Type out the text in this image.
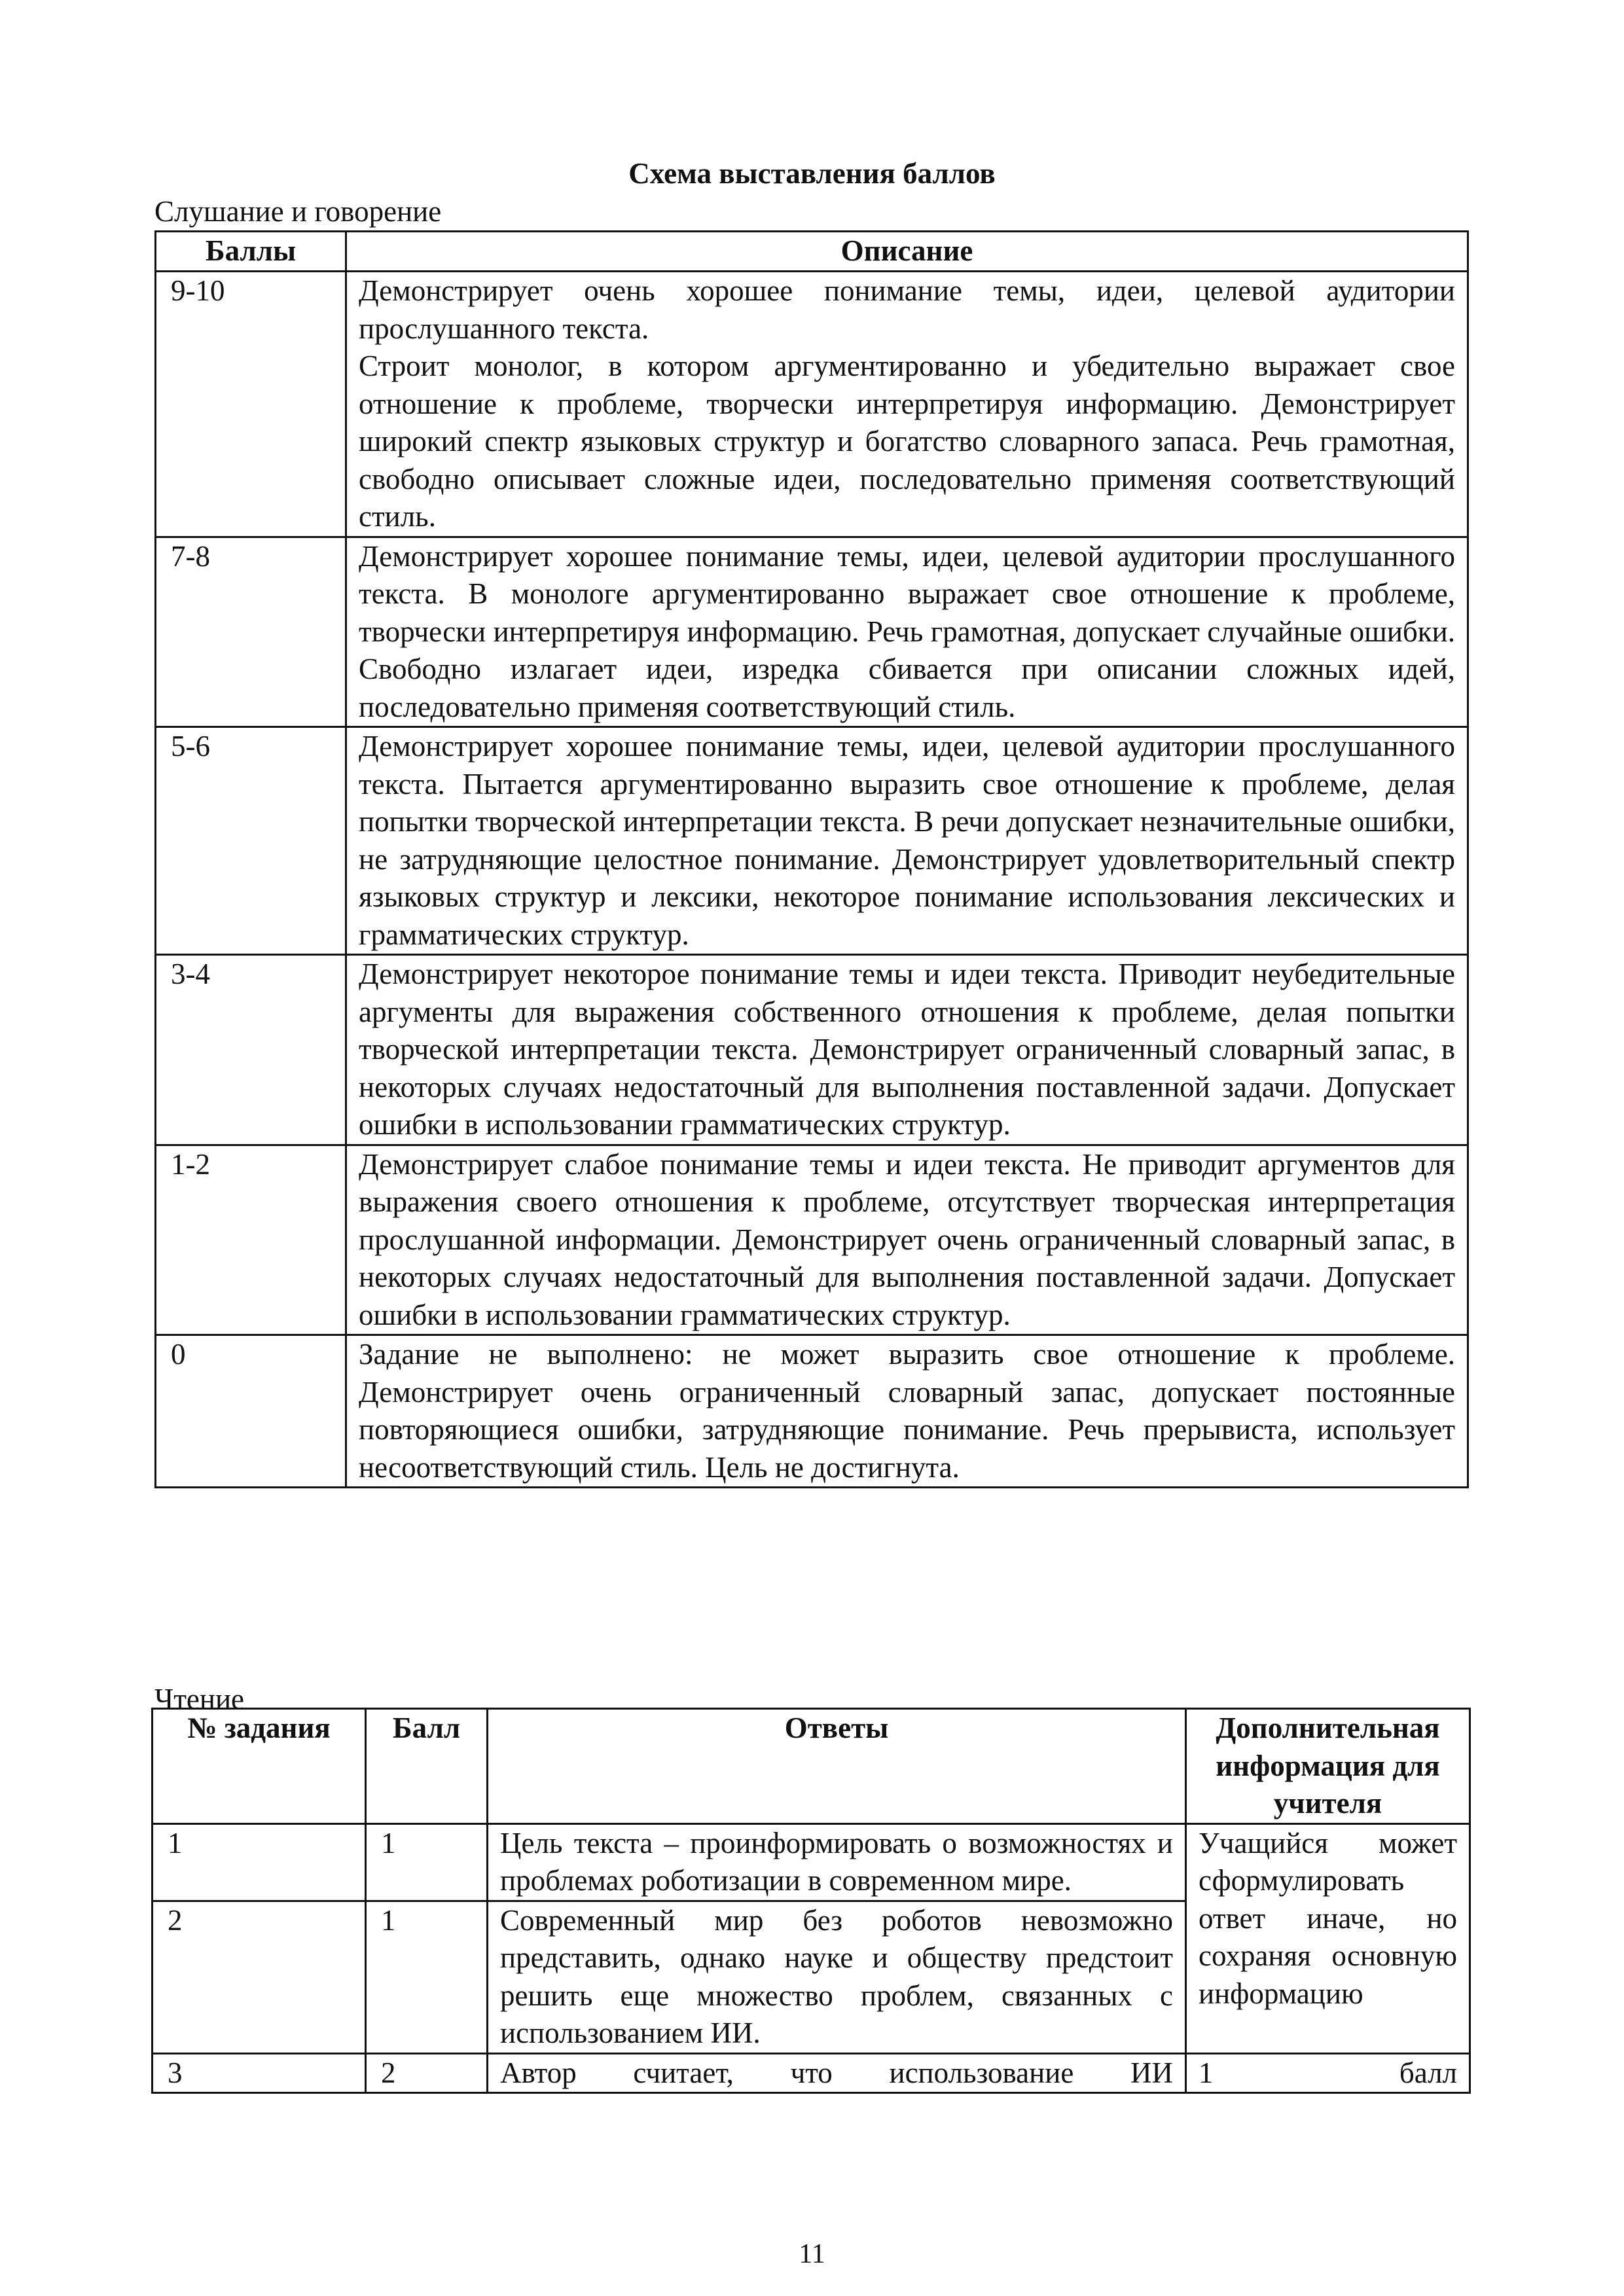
Схема выставления баллов
Слушание и говорение
Баллы	Описание
9-10	Демонстрирует очень хорошее понимание темы, идеи, целевой аудитории прослушанного текста.
Строит монолог, в котором аргументированно и убедительно выражает свое отношение к проблеме, творчески интерпретируя информацию. Демонстрирует широкий спектр языковых структур и богатство словарного запаса. Речь грамотная, свободно описывает сложные идеи, последовательно применяя соответствующий стиль.

7-8	Демонстрирует хорошее понимание темы, идеи, целевой аудитории прослушанного текста. В монологе аргументированно выражает свое отношение к проблеме, творчески интерпретируя информацию. Речь грамотная, допускает случайные ошибки. Свободно излагает идеи, изредка сбивается при описании сложных идей, последовательно применяя соответствующий стиль.
5-6	Демонстрирует хорошее понимание темы, идеи, целевой аудитории прослушанного текста. Пытается аргументированно выразить свое отношение к проблеме, делая попытки творческой интерпретации текста. В речи допускает незначительные ошибки, не затрудняющие целостное понимание. Демонстрирует удовлетворительный спектр языковых структур и лексики, некоторое понимание использования лексических и грамматических структур.
3-4	Демонстрирует некоторое понимание темы и идеи текста. Приводит неубедительные аргументы для выражения собственного отношения к проблеме, делая попытки творческой интерпретации текста. Демонстрирует ограниченный словарный запас, в некоторых случаях недостаточный для выполнения поставленной задачи. Допускает ошибки в использовании грамматических структур.
1-2	Демонстрирует слабое понимание темы и идеи текста. Не приводит аргументов для выражения своего отношения к проблеме, отсутствует творческая интерпретация прослушанной информации. Демонстрирует очень ограниченный словарный запас, в некоторых случаях недостаточный для выполнения поставленной задачи. Допускает ошибки в использовании грамматических структур.
0	Задание не выполнено: не может выразить свое отношение к проблеме. Демонстрирует очень ограниченный словарный запас, допускает постоянные повторяющиеся ошибки, затрудняющие понимание. Речь прерывиста, использует несоответствующий стиль. Цель не достигнута.
Чтение
№ задания	Балл	Ответы	Дополнительная информация для учителя
1	1	Цель текста – проинформировать о возможностях и проблемах роботизации в современном мире.	Учащийся может сформулировать ответ иначе, но сохраняя основную информацию
2	1	Современный мир без роботов невозможно представить, однако науке и обществу предстоит решить еще множество проблем, связанных с использованием ИИ.	
3	2	Автор считает, что использование ИИ	1 балл
11
